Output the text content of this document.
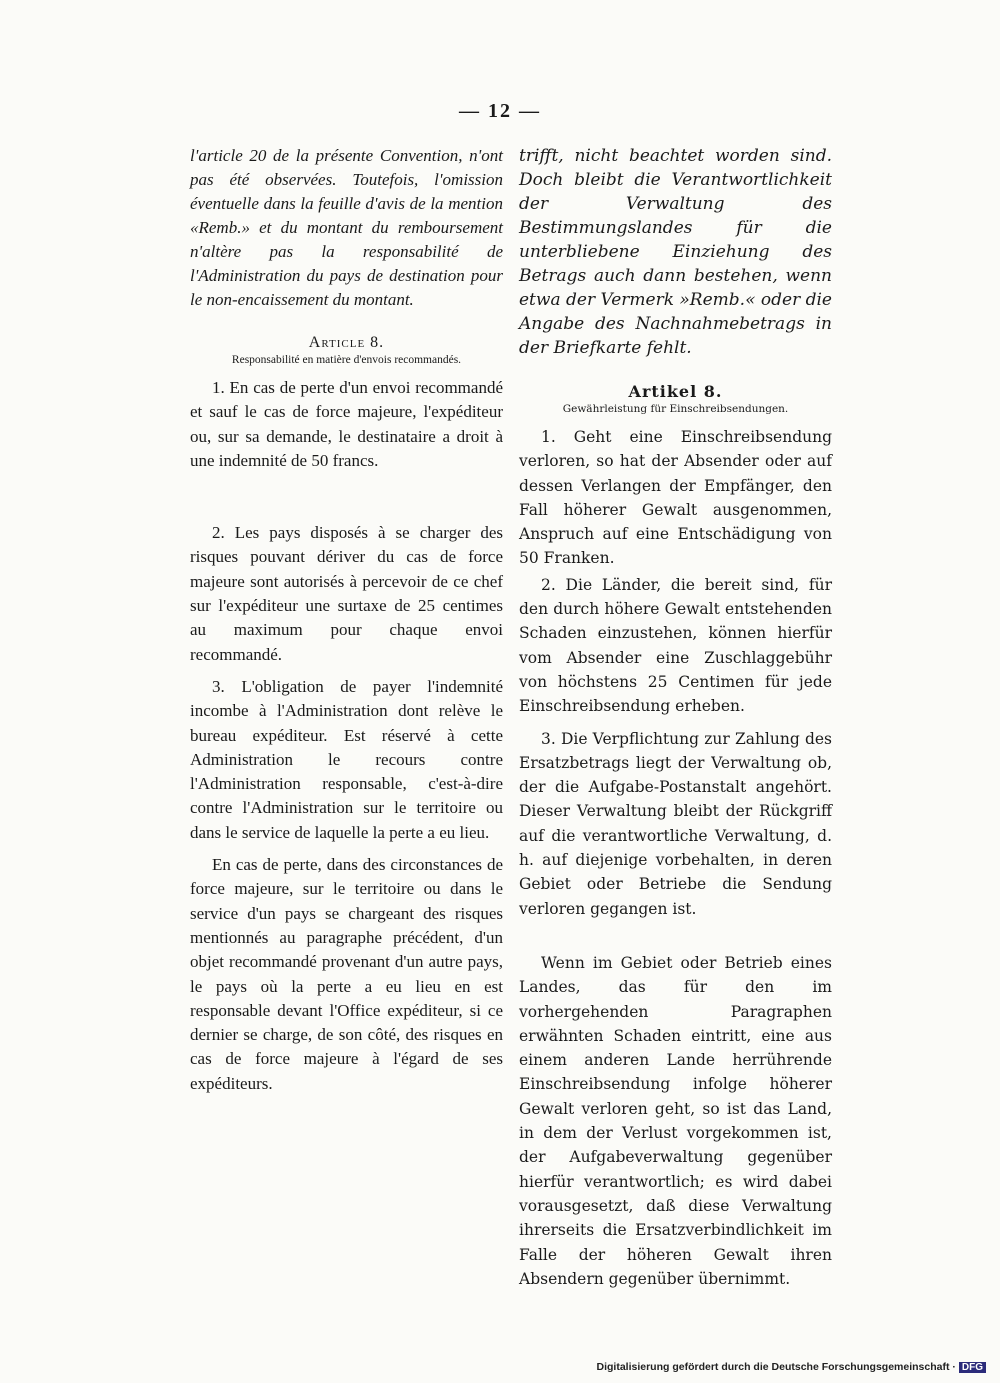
— 12 —

l'article 20 de la présente Convention, n'ont pas été observées. Toutefois, l'omission éventuelle dans la feuille d'avis de la mention «Remb.» et du montant du remboursement n'altère pas la responsabilité de l'Administration du pays de destination pour le non-encaissement du montant.

Article 8.
Responsabilité en matière d'envois recommandés.

1. En cas de perte d'un envoi recommandé et sauf le cas de force majeure, l'expéditeur ou, sur sa demande, le destinataire a droit à une indemnité de 50 francs.

2. Les pays disposés à se charger des risques pouvant dériver du cas de force majeure sont autorisés à percevoir de ce chef sur l'expéditeur une surtaxe de 25 centimes au maximum pour chaque envoi recommandé.

3. L'obligation de payer l'indemnité incombe à l'Administration dont relève le bureau expéditeur. Est réservé à cette Administration le recours contre l'Administration responsable, c'est-à-dire contre l'Administration sur le territoire ou dans le service de laquelle la perte a eu lieu.

En cas de perte, dans des circonstances de force majeure, sur le territoire ou dans le service d'un pays se chargeant des risques mentionnés au paragraphe précédent, d'un objet recommandé provenant d'un autre pays, le pays où la perte a eu lieu en est responsable devant l'Office expéditeur, si ce dernier se charge, de son côté, des risques en cas de force majeure à l'égard de ses expéditeurs.

trifft, nicht beachtet worden sind. Doch bleibt die Verantwortlichkeit der Verwaltung des Bestimmungslandes für die unterbliebene Einziehung des Betrags auch dann bestehen, wenn etwa der Vermerk »Remb.« oder die Angabe des Nachnahmebetrags in der Briefkarte fehlt.

Artikel 8.
Gewährleistung für Einschreibsendungen.

1. Geht eine Einschreibsendung verloren, so hat der Absender oder auf dessen Verlangen der Empfänger, den Fall höherer Gewalt ausgenommen, Anspruch auf eine Entschädigung von 50 Franken.

2. Die Länder, die bereit sind, für den durch höhere Gewalt entstehenden Schaden einzustehen, können hierfür vom Absender eine Zuschlaggebühr von höchstens 25 Centimen für jede Einschreibsendung erheben.

3. Die Verpflichtung zur Zahlung des Ersatzbetrags liegt der Verwaltung ob, der die Aufgabe-Postanstalt angehört. Dieser Verwaltung bleibt der Rückgriff auf die verantwortliche Verwaltung, d. h. auf diejenige vorbehalten, in deren Gebiet oder Betriebe die Sendung verloren gegangen ist.

Wenn im Gebiet oder Betrieb eines Landes, das für den im vorhergehenden Paragraphen erwähnten Schaden eintritt, eine aus einem anderen Lande herrührende Einschreibsendung infolge höherer Gewalt verloren geht, so ist das Land, in dem der Verlust vorgekommen ist, der Aufgabeverwaltung gegenüber hierfür verantwortlich; es wird dabei vorausgesetzt, daß diese Verwaltung ihrerseits die Ersatzverbindlichkeit im Falle der höheren Gewalt ihren Absendern gegenüber übernimmt.

Digitalisierung gefördert durch die Deutsche Forschungsgemeinschaft · DFG
